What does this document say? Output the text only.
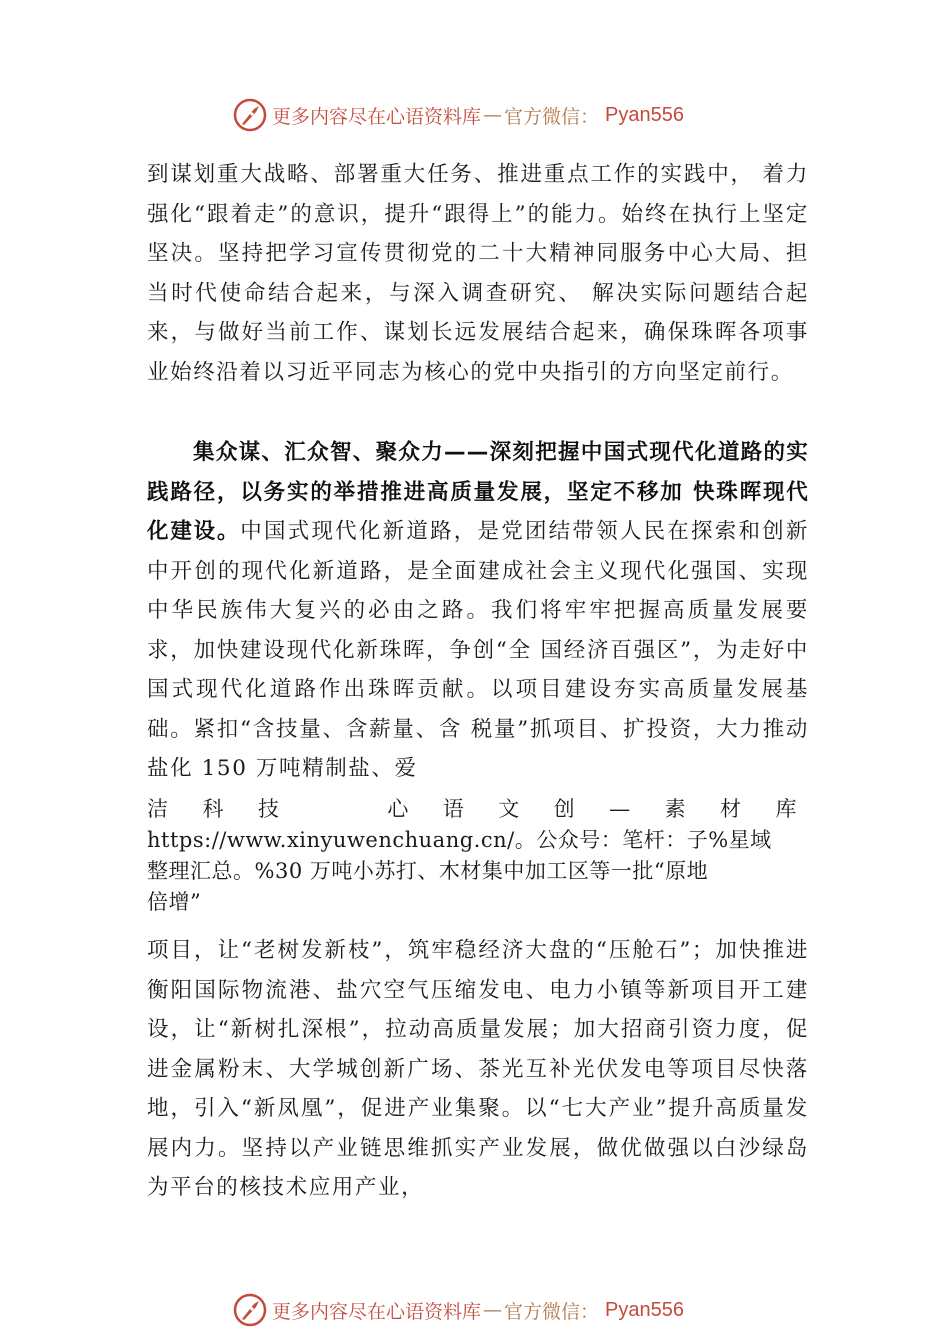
更多内容尽在心语资料库 — 官方微信： Pyan556

到谋划重大战略、部署重大任务、推进重点工作的实践中， 着力强化“跟着走”的意识，提升“跟得上”的能力。始终在执行上坚定坚决。坚持把学习宣传贯彻党的二十大精神同服务中心大局、担当时代使命结合起来，与深入调查研究、 解决实际问题结合起来，与做好当前工作、谋划长远发展结合起来，确保珠晖各项事业始终沿着以习近平同志为核心的党中央指引的方向坚定前行。

集众谋、汇众智、聚众力——深刻把握中国式现代化道路的实践路径，以务实的举措推进高质量发展，坚定不移加 快珠晖现代化建设。中国式现代化新道路，是党团结带领人民在探索和创新中开创的现代化新道路，是全面建成社会主义现代化强国、实现中华民族伟大复兴的必由之路。我们将牢牢把握高质量发展要求，加快建设现代化新珠晖，争创“全 国经济百强区”，为走好中国式现代化道路作出珠晖贡献。以项目建设夯实高质量发展基础。紧扣“含技量、含薪量、含 税量”抓项目、扩投资，大力推动盐化 150 万吨精制盐、爱

洁 科 技	心 语 文 创 — 素 材 库
https://www.xinyuwenchuang.cn/。公众号：笔杆：子%星域
整理汇总。%30 万吨小苏打、木材集中加工区等一批“原地
倍增”

项目，让“老树发新枝”，筑牢稳经济大盘的“压舱石”；加快推进衡阳国际物流港、盐穴空气压缩发电、电力小镇等新项目开工建设，让“新树扎深根”，拉动高质量发展；加大招商引资力度，促进金属粉末、大学城创新广场、茶光互补光伏发电等项目尽快落地，引入“新凤凰”，促进产业集聚。以“七大产业”提升高质量发展内力。坚持以产业链思维抓实产业发展，做优做强以白沙绿岛为平台的核技术应用产业，

更多内容尽在心语资料库 — 官方微信： Pyan556
